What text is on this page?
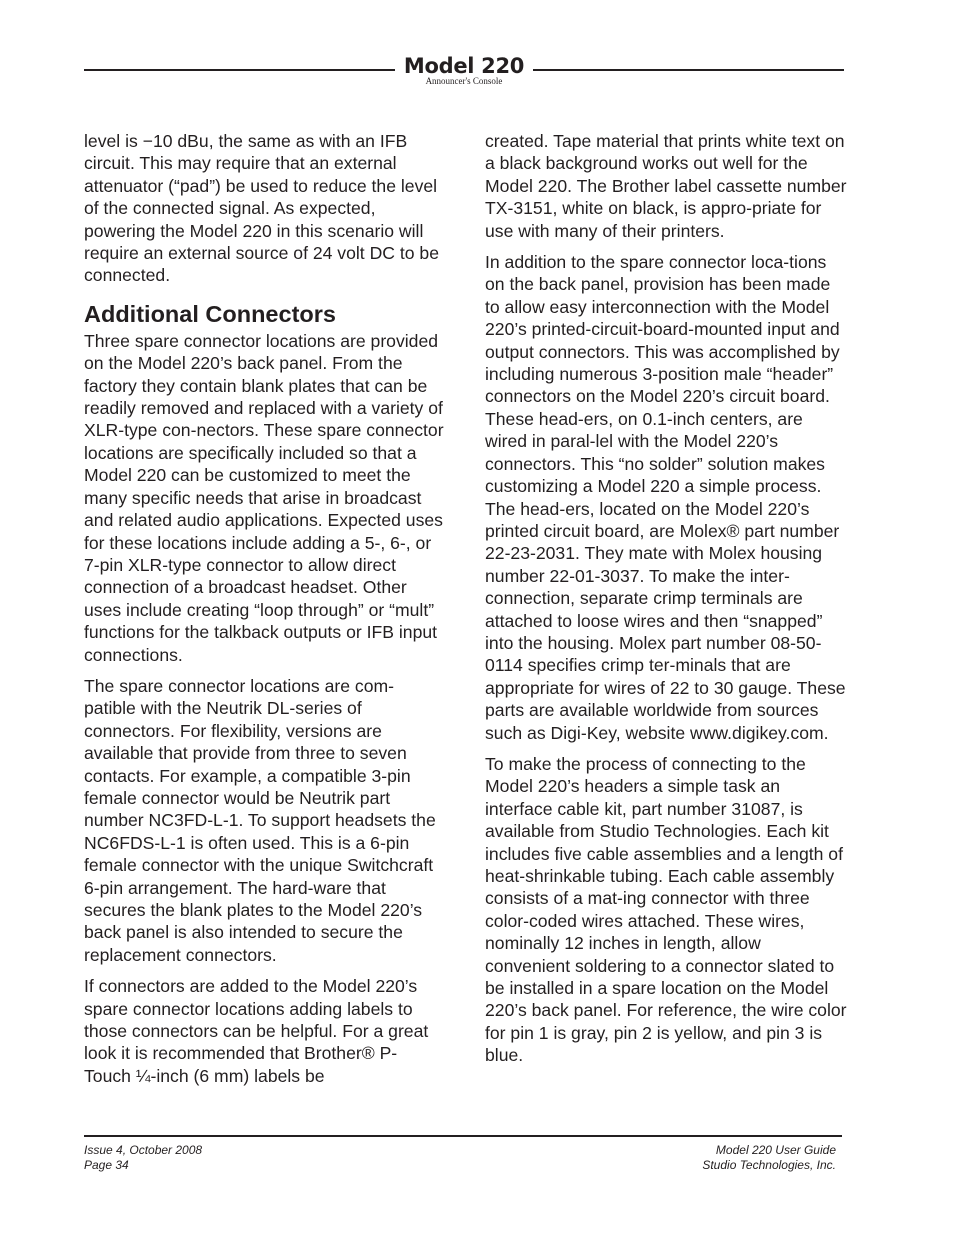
Model 220
Announcer's Console

level is −10 dBu, the same as with an IFB circuit. This may require that an external attenuator (“pad”) be used to reduce the level of the connected signal. As expected, powering the Model 220 in this scenario will require an external source of 24 volt DC to be connected.

Additional Connectors

Three spare connector locations are provided on the Model 220’s back panel. From the factory they contain blank plates that can be readily removed and replaced with a variety of XLR-type con-nectors. These spare connector locations are specifically included so that a Model 220 can be customized to meet the many specific needs that arise in broadcast and related audio applications. Expected uses for these locations include adding a 5-, 6-, or 7-pin XLR-type connector to allow direct connection of a broadcast headset. Other uses include creating “loop through” or “mult” functions for the talkback outputs or IFB input connections.

The spare connector locations are com-patible with the Neutrik DL-series of connectors. For flexibility, versions are available that provide from three to seven contacts. For example, a compatible 3-pin female connector would be Neutrik part number NC3FD-L-1. To support headsets the NC6FDS-L-1 is often used. This is a 6-pin female connector with the unique Switchcraft 6-pin arrangement. The hard-ware that secures the blank plates to the Model 220’s back panel is also intended to secure the replacement connectors.

If connectors are added to the Model 220’s spare connector locations adding labels to those connectors can be helpful. For a great look it is recommended that Brother® P-Touch ¼-inch (6 mm) labels be

created. Tape material that prints white text on a black background works out well for the Model 220. The Brother label cassette number TX-3151, white on black, is appro-priate for use with many of their printers.

In addition to the spare connector loca-tions on the back panel, provision has been made to allow easy interconnection with the Model 220’s printed-circuit-board-mounted input and output connectors. This was accomplished by including numerous 3-position male “header” connectors on the Model 220’s circuit board. These head-ers, on 0.1-inch centers, are wired in paral-lel with the Model 220’s connectors. This “no solder” solution makes customizing a Model 220 a simple process. The head-ers, located on the Model 220’s printed circuit board, are Molex® part number 22-23-2031. They mate with Molex housing number 22-01-3037. To make the inter-connection, separate crimp terminals are attached to loose wires and then “snapped” into the housing. Molex part number 08-50-0114 specifies crimp ter-minals that are appropriate for wires of 22 to 30 gauge. These parts are available worldwide from sources such as Digi-Key, website www.digikey.com.

To make the process of connecting to the Model 220’s headers a simple task an interface cable kit, part number 31087, is available from Studio Technologies. Each kit includes five cable assemblies and a length of heat-shrinkable tubing. Each cable assembly consists of a mat-ing connector with three color-coded wires attached. These wires, nominally 12 inches in length, allow convenient soldering to a connector slated to be installed in a spare location on the Model 220’s back panel. For reference, the wire color for pin 1 is gray, pin 2 is yellow, and pin 3 is blue.

Issue 4, October 2008
Page 34
Model 220 User Guide
Studio Technologies, Inc.
